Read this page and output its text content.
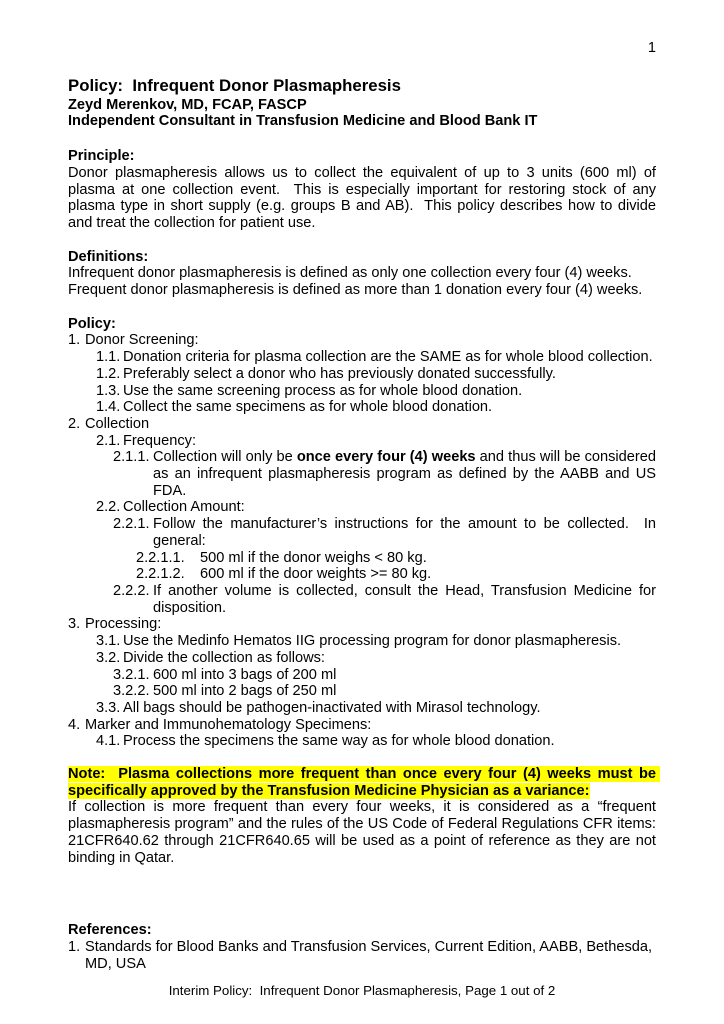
1
Policy:  Infrequent Donor Plasmapheresis
Zeyd Merenkov, MD, FCAP, FASCP
Independent Consultant in Transfusion Medicine and Blood Bank IT
Principle:
Donor plasmapheresis allows us to collect the equivalent of up to 3 units (600 ml) of plasma at one collection event.  This is especially important for restoring stock of any plasma type in short supply (e.g. groups B and AB).  This policy describes how to divide and treat the collection for patient use.
Definitions:
Infrequent donor plasmapheresis is defined as only one collection every four (4) weeks.
Frequent donor plasmapheresis is defined as more than 1 donation every four (4) weeks.
Policy:
1. Donor Screening:
1.1. Donation criteria for plasma collection are the SAME as for whole blood collection.
1.2. Preferably select a donor who has previously donated successfully.
1.3. Use the same screening process as for whole blood donation.
1.4. Collect the same specimens as for whole blood donation.
2. Collection
2.1. Frequency:
2.1.1. Collection will only be once every four (4) weeks and thus will be considered as an infrequent plasmapheresis program as defined by the AABB and US FDA.
2.2. Collection Amount:
2.2.1. Follow the manufacturer’s instructions for the amount to be collected.  In general:
2.2.1.1.	500 ml if the donor weighs < 80 kg.
2.2.1.2.	600 ml if the door weights >= 80 kg.
2.2.2. If another volume is collected, consult the Head, Transfusion Medicine for disposition.
3. Processing:
3.1. Use the Medinfo Hematos IIG processing program for donor plasmapheresis.
3.2. Divide the collection as follows:
3.2.1. 600 ml into 3 bags of 200 ml
3.2.2. 500 ml into 2 bags of 250 ml
3.3. All bags should be pathogen-inactivated with Mirasol technology.
4. Marker and Immunohematology Specimens:
4.1. Process the specimens the same way as for whole blood donation.
Note:  Plasma collections more frequent than once every four (4) weeks must be specifically approved by the Transfusion Medicine Physician as a variance:
If collection is more frequent than every four weeks, it is considered as a “frequent plasmapheresis program” and the rules of the US Code of Federal Regulations CFR items: 21CFR640.62 through 21CFR640.65 will be used as a point of reference as they are not binding in Qatar.
References:
1. Standards for Blood Banks and Transfusion Services, Current Edition, AABB, Bethesda, MD, USA
Interim Policy:  Infrequent Donor Plasmapheresis, Page 1 out of 2
